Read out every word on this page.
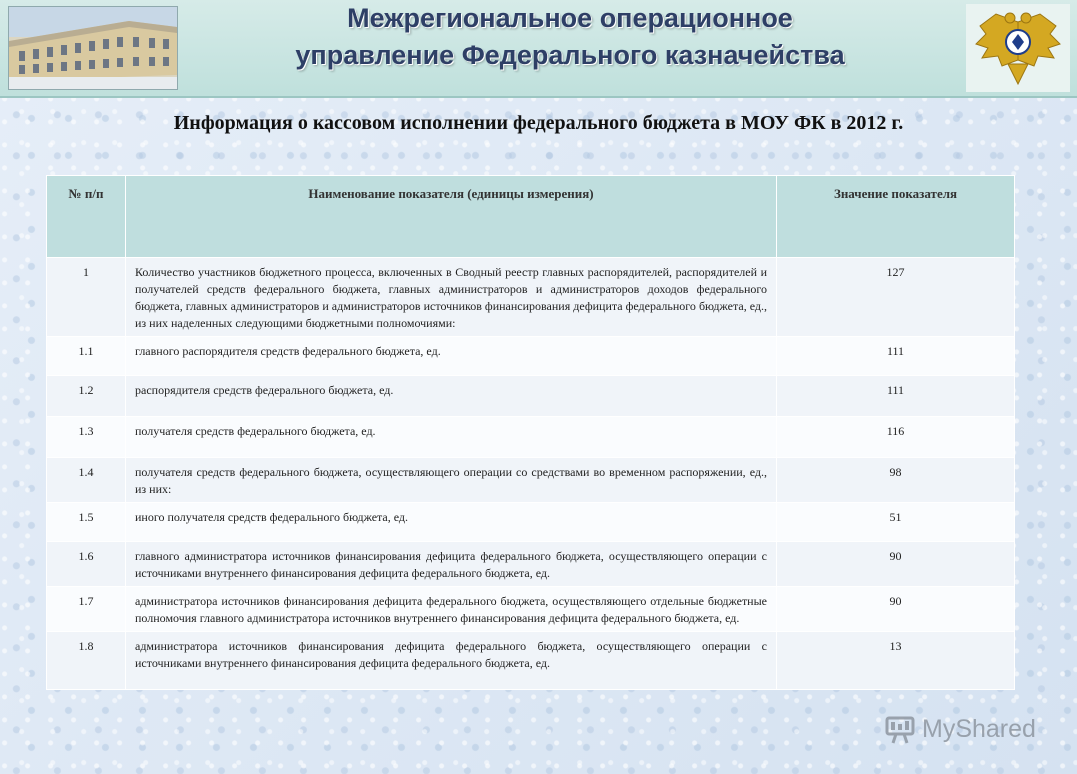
Межрегиональное операционное
управление Федерального казначейства
Информация о кассовом исполнении федерального бюджета в МОУ ФК в 2012 г.
№ п/п	Наименование показателя (единицы измерения)	Значение показателя
1	Количество участников бюджетного процесса, включенных в Сводный реестр главных распорядителей, распорядителей и получателей средств федерального бюджета, главных администраторов и администраторов доходов федерального бюджета, главных администраторов и администраторов источников финансирования дефицита федерального бюджета, ед., из них наделенных следующими бюджетными полномочиями:	127
1.1	главного распорядителя средств федерального бюджета, ед.	111
1.2	распорядителя средств федерального бюджета, ед.	111
1.3	получателя средств федерального бюджета, ед.	116
1.4	получателя средств федерального бюджета, осуществляющего операции со средствами во временном распоряжении, ед., из них:	98
1.5	иного получателя средств федерального бюджета, ед.	51
1.6	главного администратора источников финансирования дефицита федерального бюджета, осуществляющего операции с источниками внутреннего финансирования дефицита федерального бюджета, ед.	90
1.7	администратора источников финансирования дефицита федерального бюджета, осуществляющего отдельные бюджетные полномочия главного администратора источников внутреннего финансирования дефицита федерального бюджета, ед.	90
1.8	администратора источников финансирования дефицита федерального бюджета, осуществляющего операции с источниками внутреннего финансирования дефицита федерального бюджета, ед.	13
MyShared
